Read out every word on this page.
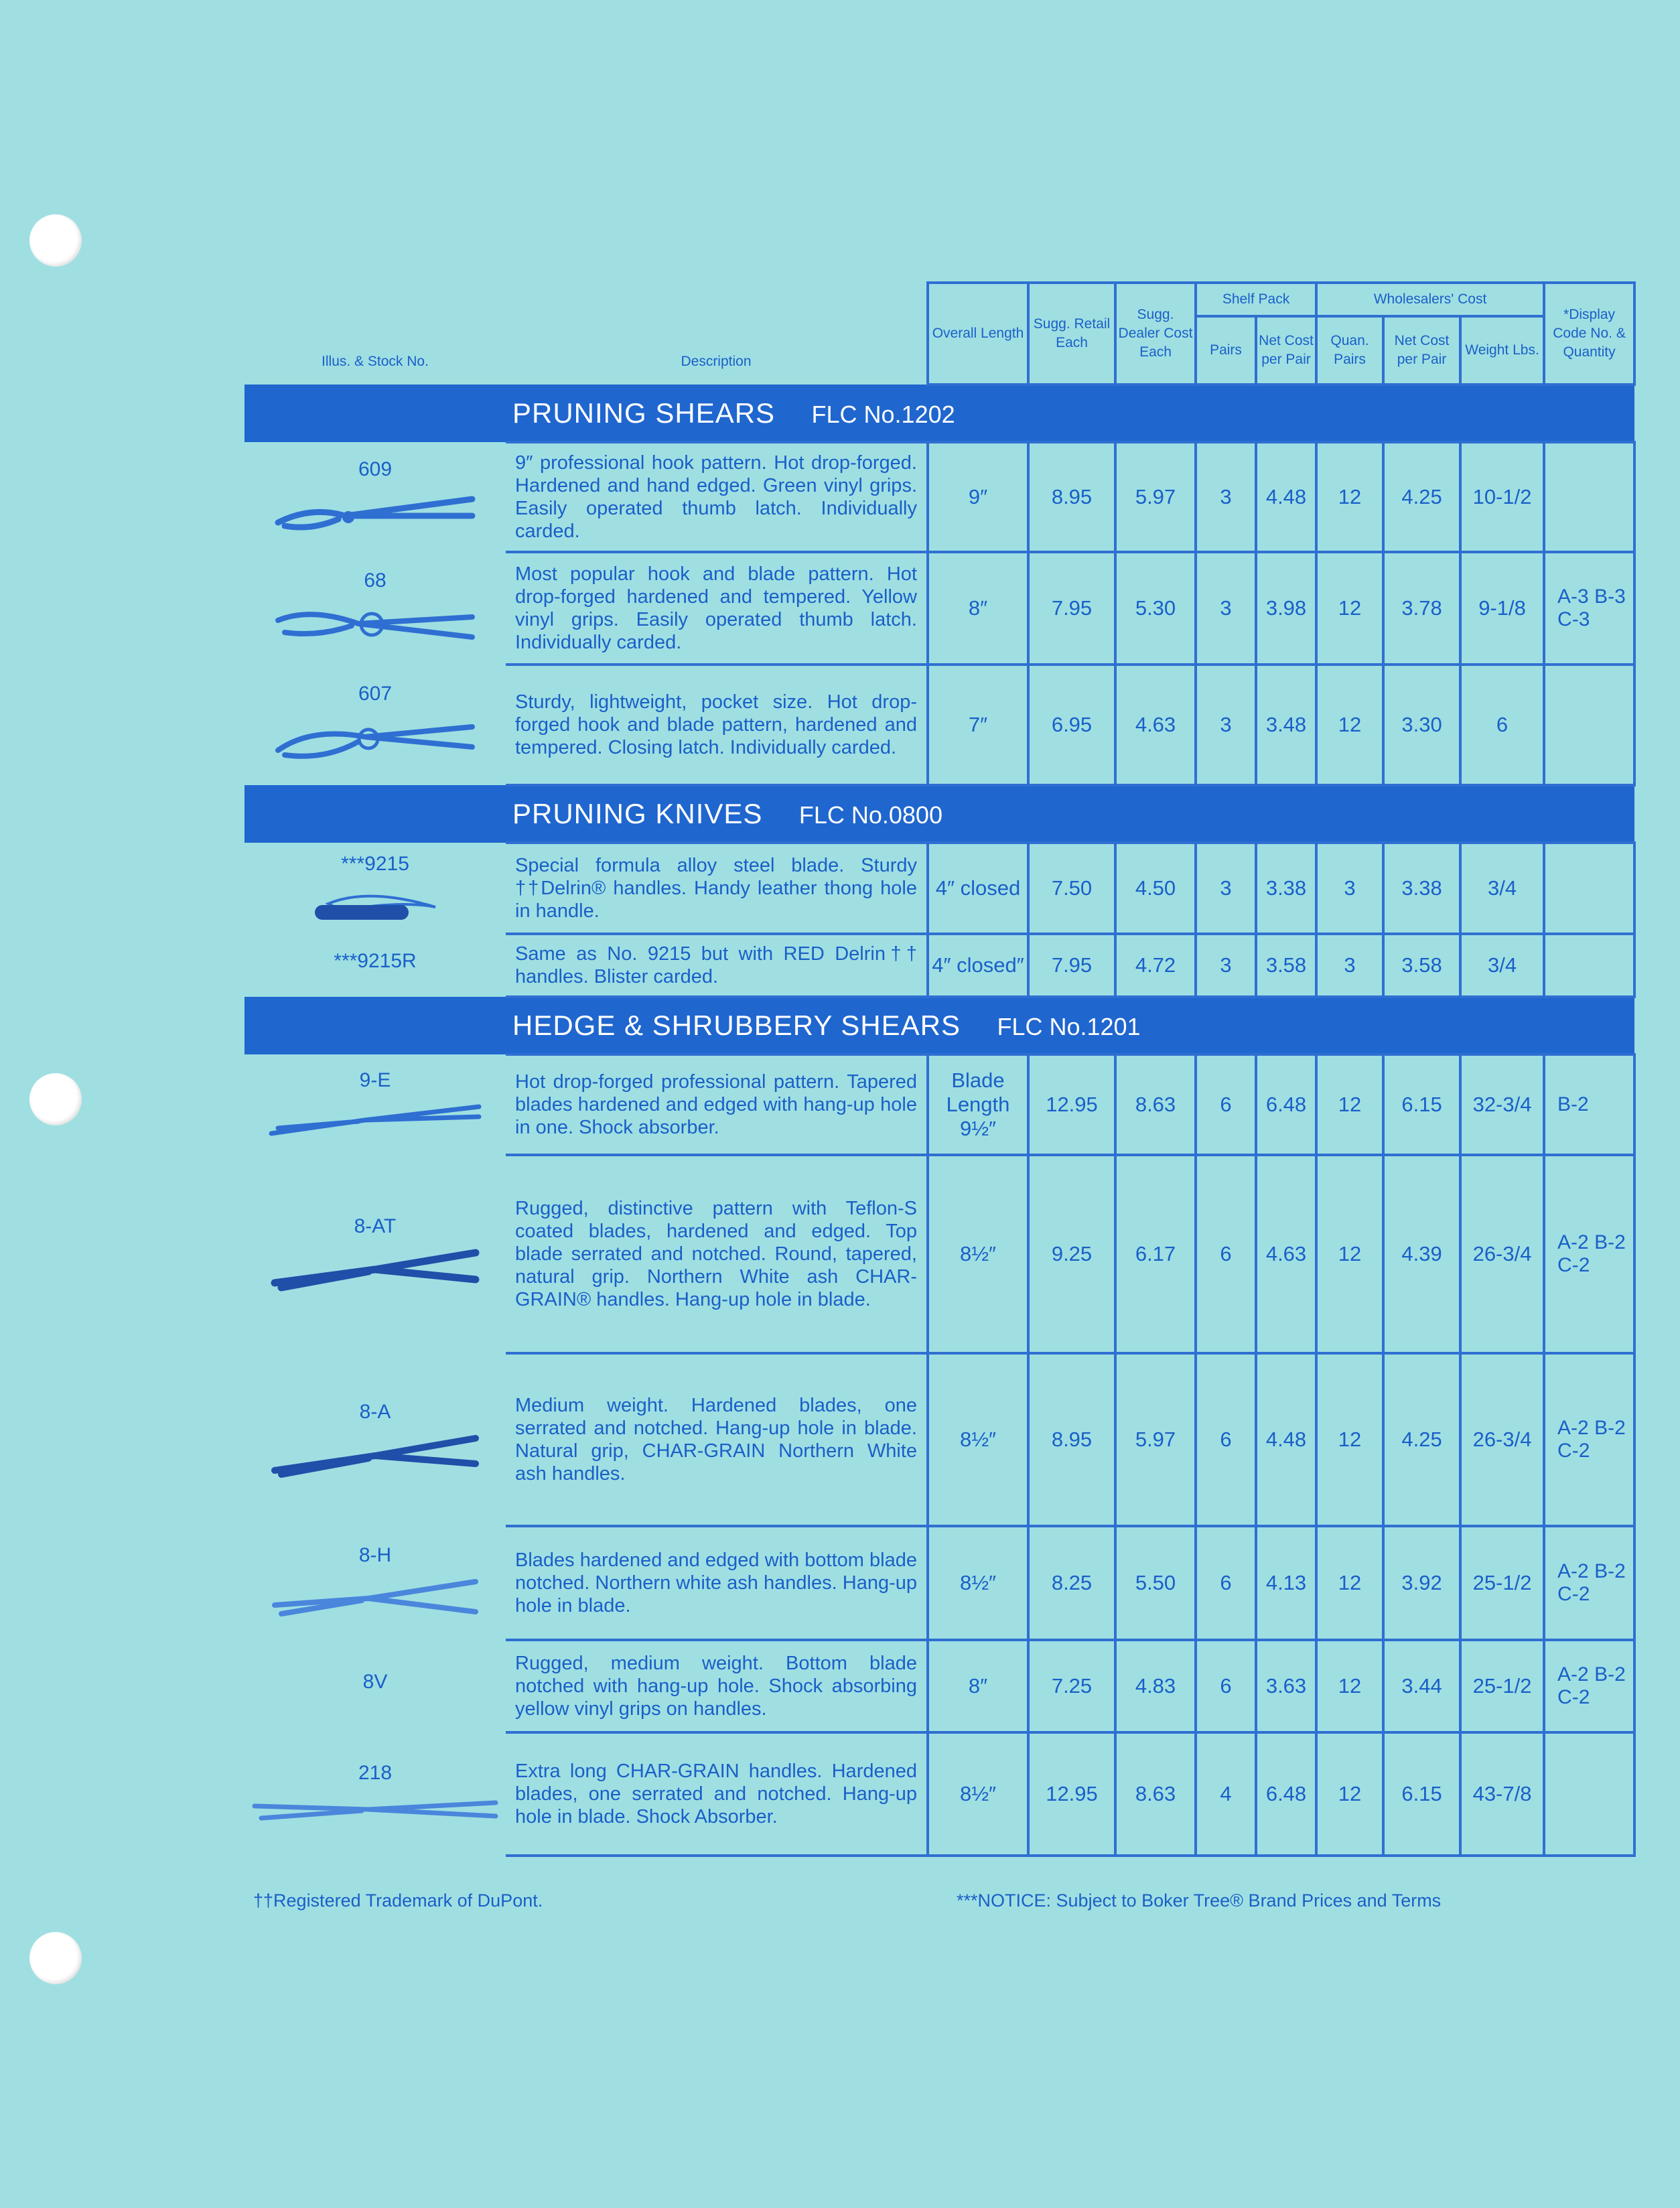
Illus. & Stock No.	Description	Overall Length	Sugg. Retail Each	Sugg. Dealer Cost Each	Shelf Pack		Wholesalers' Cost			*Display Code No. & Quantity
					Pairs	Net Cost per Pair	Quan. Pairs	Net Cost per Pair	Weight Lbs.	
PRUNING SHEARS FLC No.1202										

609	9″ professional hook pattern. Hot drop-forged. Hardened and hand edged. Green vinyl grips. Easily operated thumb latch. Individually carded.	9″	8.95	5.97	3	4.48	12	4.25	10-1/2	

68	Most popular hook and blade pattern. Hot drop-forged hardened and tempered. Yellow vinyl grips. Easily operated thumb latch. Individually carded.	8″	7.95	5.30	3	3.98	12	3.78	9-1/8	A-3 B-3 C-3

607	Sturdy, lightweight, pocket size. Hot drop-forged hook and blade pattern, hardened and tempered. Closing latch. Individually carded.	7″	6.95	4.63	3	3.48	12	3.30	6	
PRUNING KNIVES FLC No.0800										

***9215	Special formula alloy steel blade. Sturdy ††Delrin® handles. Handy leather thong hole in handle.	4″ closed	7.50	4.50	3	3.38	3	3.38	3/4	

***9215R	Same as No. 9215 but with RED Delrin†† handles. Blister carded.	4″ closed″	7.95	4.72	3	3.58	3	3.58	3/4	
HEDGE & SHRUBBERY SHEARS FLC No.1201										

9-E	Hot drop-forged professional pattern. Tapered blades hardened and edged with hang-up hole in one. Shock absorber.	Blade Length 9½″	12.95	8.63	6	6.48	12	6.15	32-3/4	B-2

8-AT	Rugged, distinctive pattern with Teflon-S coated blades, hardened and edged. Top blade serrated and notched. Round, tapered, natural grip. Northern White ash CHAR-GRAIN® handles. Hang-up hole in blade.	8½″	9.25	6.17	6	4.63	12	4.39	26-3/4	A-2 B-2 C-2

8-A	Medium weight. Hardened blades, one serrated and notched. Hang-up hole in blade. Natural grip, CHAR-GRAIN Northern White ash handles.	8½″	8.95	5.97	6	4.48	12	4.25	26-3/4	A-2 B-2 C-2

8-H	Blades hardened and edged with bottom blade notched. Northern white ash handles. Hang-up hole in blade.	8½″	8.25	5.50	6	4.13	12	3.92	25-1/2	A-2 B-2 C-2

8V	Rugged, medium weight. Bottom blade notched with hang-up hole. Shock absorbing yellow vinyl grips on handles.	8″	7.25	4.83	6	3.63	12	3.44	25-1/2	A-2 B-2 C-2

218	Extra long CHAR-GRAIN handles. Hardened blades, one serrated and notched. Hang-up hole in blade. Shock Absorber.	8½″	12.95	8.63	4	6.48	12	6.15	43-7/8	
††Registered Trademark of DuPont.	***NOTICE: Subject to Boker Tree® Brand Prices and Terms
